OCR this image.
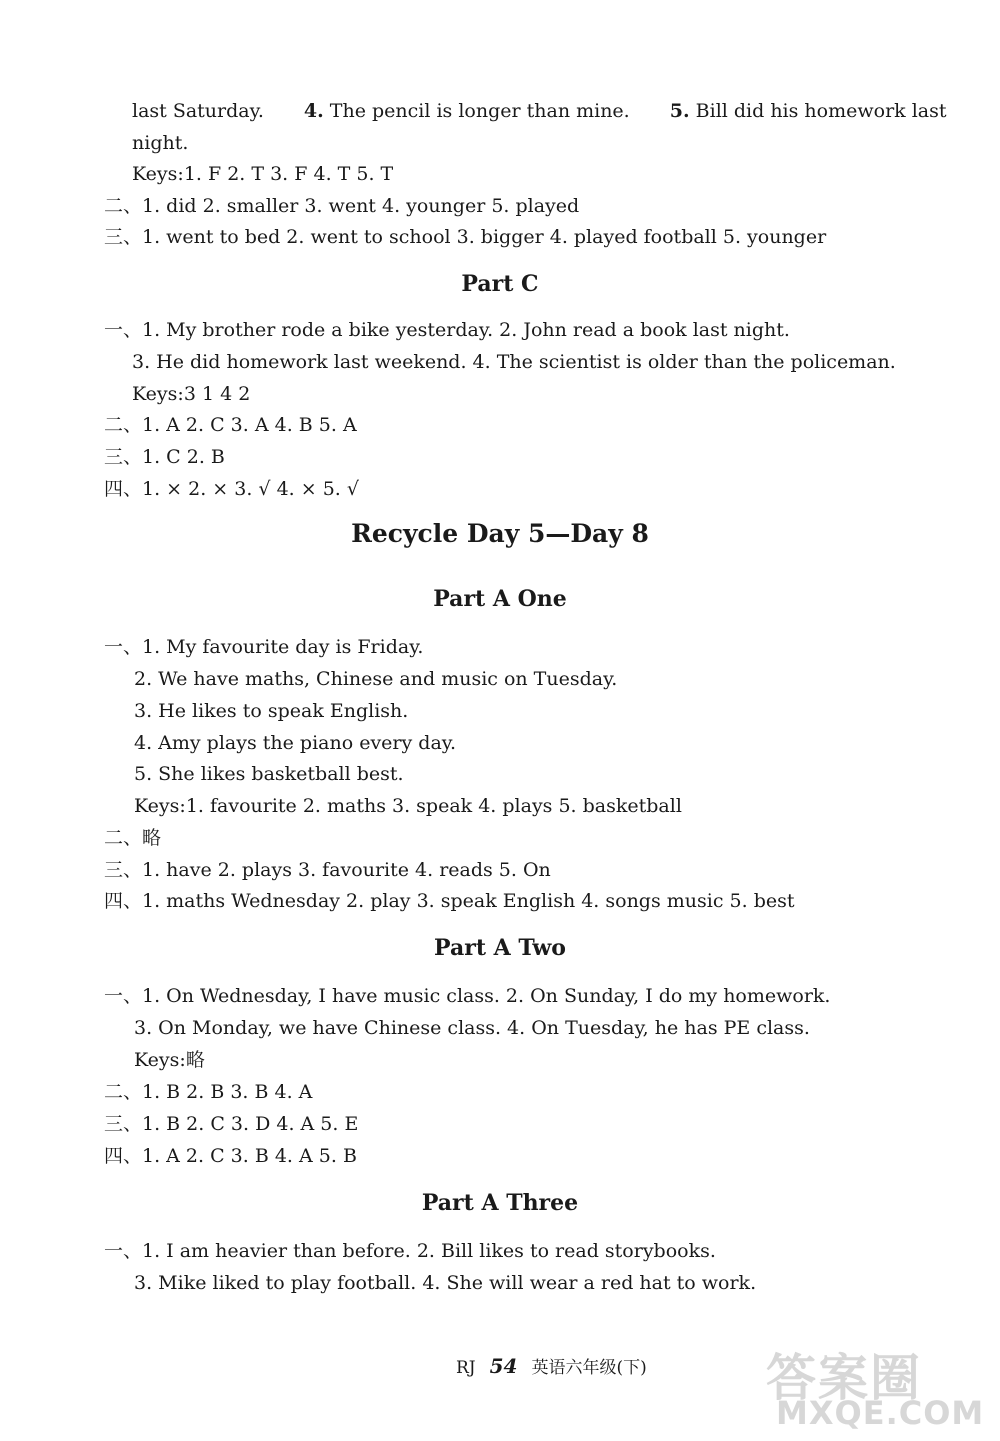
last Saturday. 4. The pencil is longer than mine. 5. Bill did his homework last
night.
Keys:1. F 2. T 3. F 4. T 5. T
二、1. did 2. smaller 3. went 4. younger 5. played
三、1. went to bed 2. went to school 3. bigger 4. played football 5. younger
Part C
一、1. My brother rode a bike yesterday. 2. John read a book last night.
3. He did homework last weekend. 4. The scientist is older than the policeman.
Keys:3 1 4 2
二、1. A 2. C 3. A 4. B 5. A
三、1. C 2. B
四、1. × 2. × 3. √ 4. × 5. √
Recycle Day 5—Day 8
Part A One
一、1. My favourite day is Friday.
2. We have maths, Chinese and music on Tuesday.
3. He likes to speak English.
4. Amy plays the piano every day.
5. She likes basketball best.
Keys:1. favourite 2. maths 3. speak 4. plays 5. basketball
二、略
三、1. have 2. plays 3. favourite 4. reads 5. On
四、1. maths Wednesday 2. play 3. speak English 4. songs music 5. best
Part A Two
一、1. On Wednesday, I have music class. 2. On Sunday, I do my homework.
3. On Monday, we have Chinese class. 4. On Tuesday, he has PE class.
Keys:略
二、1. B 2. B 3. B 4. A
三、1. B 2. C 3. D 4. A 5. E
四、1. A 2. C 3. B 4. A 5. B
Part A Three
一、1. I am heavier than before. 2. Bill likes to read storybooks.
3. Mike liked to play football. 4. She will wear a red hat to work.
RJ 54 英语六年级(下) 答案圈
MXQE.COM
